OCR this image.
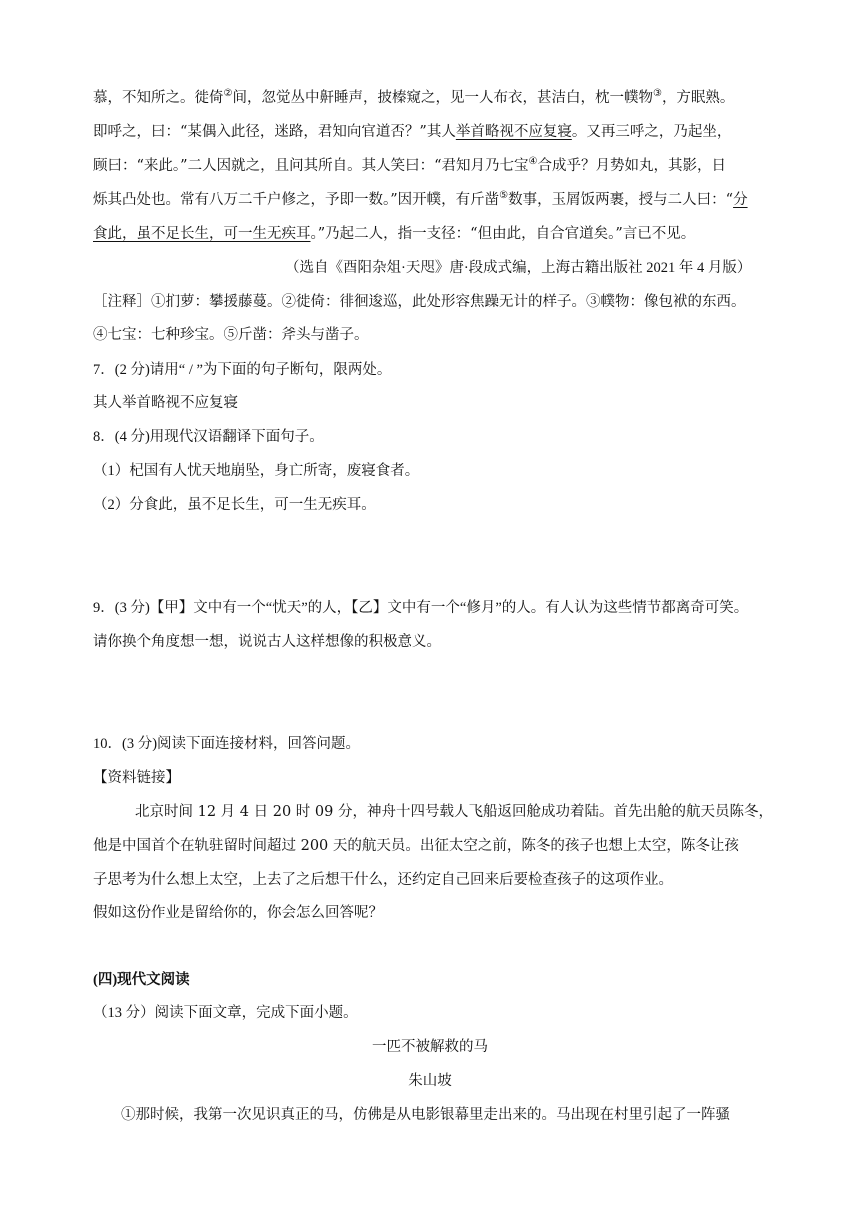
慕，不知所之。徙倚②间，忽觉丛中鼾睡声，披榛窥之，见一人布衣，甚洁白，枕一幞物③，方眠熟。
即呼之，曰：“某偶入此径，迷路，君知向官道否？”其人举首略视不应复寝。又再三呼之，乃起坐，
顾曰：“来此。”二人因就之，且问其所自。其人笑曰：“君知月乃七宝④合成乎？月势如丸，其影，日
烁其凸处也。常有八万二千户修之，予即一数。”因开幞，有斤凿⑤数事，玉屑饭两裹，授与二人曰：“分
食此，虽不足长生，可一生无疾耳。”乃起二人，指一支径：“但由此，自合官道矣。”言已不见。
（选自《酉阳杂俎·天咫》唐·段成式编，上海古籍出版社 2021 年 4 月版）
［注释］①扪萝：攀援藤蔓。②徙倚：徘徊逡巡，此处形容焦躁无计的样子。③幞物：像包袱的东西。
④七宝：七种珍宝。⑤斤凿：斧头与凿子。
7．(2 分)请用“ / ”为下面的句子断句，限两处。
其人举首略视不应复寝
8．(4 分)用现代汉语翻译下面句子。
（1）杞国有人忧天地崩坠，身亡所寄，废寝食者。
（2）分食此，虽不足长生，可一生无疾耳。
9．(3 分)【甲】文中有一个“忧天”的人，【乙】文中有一个“修月”的人。有人认为这些情节都离奇可笑。
请你换个角度想一想，说说古人这样想像的积极意义。
10．(3 分)阅读下面连接材料，回答问题。
【资料链接】
北京时间 12 月 4 日 20 时 09 分，神舟十四号载人飞船返回舱成功着陆。首先出舱的航天员陈冬，
他是中国首个在轨驻留时间超过 200 天的航天员。出征太空之前，陈冬的孩子也想上太空，陈冬让孩
子思考为什么想上太空，上去了之后想干什么，还约定自己回来后要检查孩子的这项作业。
假如这份作业是留给你的，你会怎么回答呢？
(四)现代文阅读
（13 分）阅读下面文章，完成下面小题。
一匹不被解救的马
朱山坡
①那时候，我第一次见识真正的马，仿佛是从电影银幕里走出来的。马出现在村里引起了一阵骚
